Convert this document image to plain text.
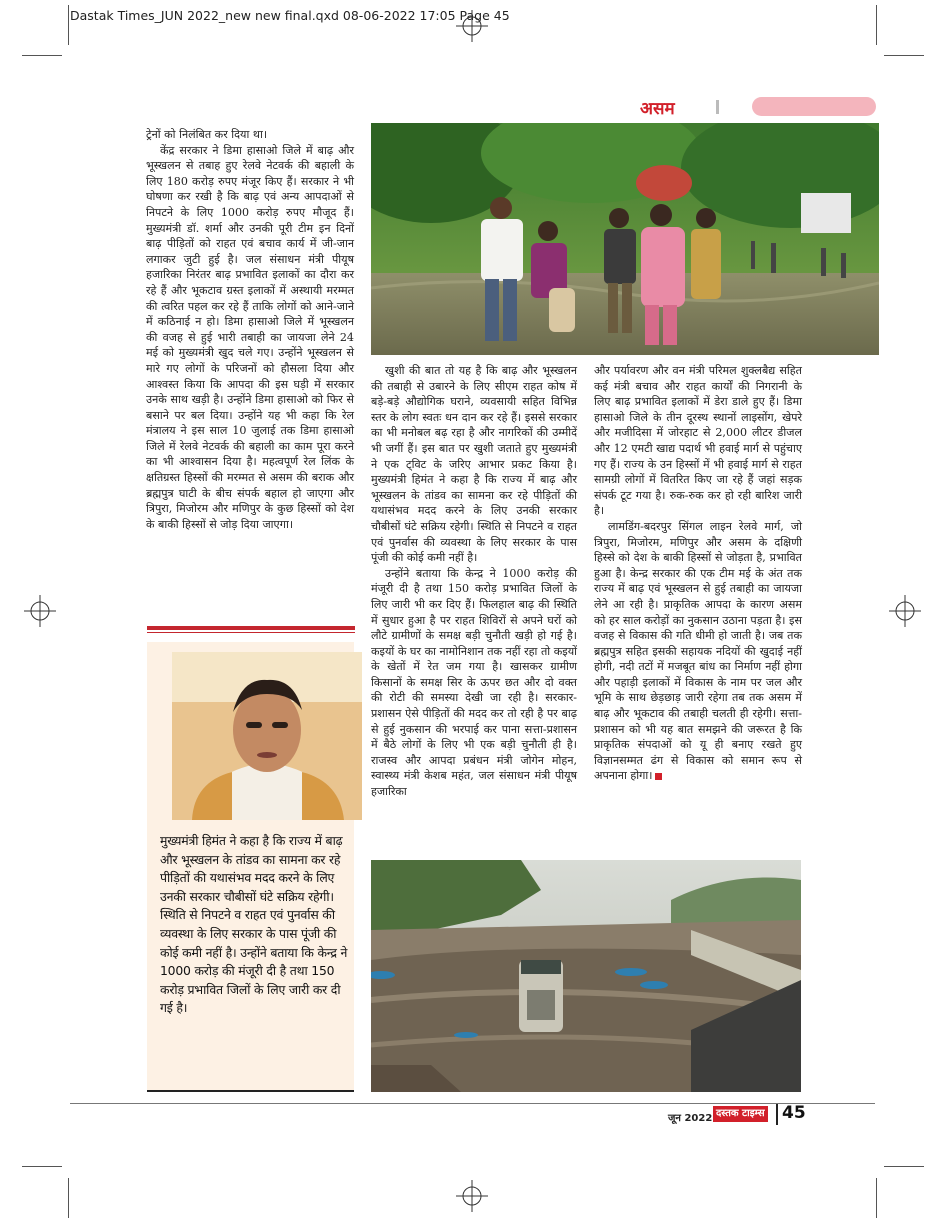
Dastak Times_JUN 2022_new new final.qxd 08-06-2022 17:05 Page 45
असम

ट्रेनों को निलंबित कर दिया था।

केंद्र सरकार ने डिमा हासाओ जिले में बाढ़ और भूस्खलन से तबाह हुए रेलवे नेटवर्क की बहाली के लिए 180 करोड़ रुपए मंजूर किए हैं। सरकार ने भी घोषणा कर रखी है कि बाढ़ एवं अन्य आपदाओं से निपटने के लिए 1000 करोड़ रुपए मौजूद हैं। मुख्यमंत्री डॉ. शर्मा और उनकी पूरी टीम इन दिनों बाढ़ पीड़ितों को राहत एवं बचाव कार्य में जी-जान लगाकर जुटी हुई है। जल संसाधन मंत्री पीयूष हजारिका निरंतर बाढ़ प्रभावित इलाकों का दौरा कर रहे हैं और भूकटाव ग्रस्त इलाकों में अस्थायी मरम्मत की त्वरित पहल कर रहे हैं ताकि लोगों को आने-जाने में कठिनाई न हो। डिमा हासाओ जिले में भूस्खलन की वजह से हुई भारी तबाही का जायजा लेने 24 मई को मुख्यमंत्री खुद चले गए। उन्होंने भूस्खलन से मारे गए लोगों के परिजनों को हौसला दिया और आश्वस्त किया कि आपदा की इस घड़ी में सरकार उनके साथ खड़ी है। उन्होंने डिमा हासाओ को फिर से बसाने पर बल दिया। उन्होंने यह भी कहा कि रेल मंत्रालय ने इस साल 10 जुलाई तक डिमा हासाओ जिले में रेलवे नेटवर्क की बहाली का काम पूरा करने का भी आश्वासन दिया है। महत्वपूर्ण रेल लिंक के क्षतिग्रस्त हिस्सों की मरम्मत से असम की बराक और ब्रह्मपुत्र घाटी के बीच संपर्क बहाल हो जाएगा और त्रिपुरा, मिजोरम और मणिपुर के कुछ हिस्सों को देश के बाकी हिस्सों से जोड़ दिया जाएगा।

खुशी की बात तो यह है कि बाढ़ और भूस्खलन की तबाही से उबारने के लिए सीएम राहत कोष में बड़े-बड़े औद्योगिक घराने, व्यवसायी सहित विभिन्न स्तर के लोग स्वतः धन दान कर रहे हैं। इससे सरकार का भी मनोबल बढ़ रहा है और नागरिकों की उम्मीदें भी जगीं हैं। इस बात पर खुशी जताते हुए मुख्यमंत्री ने एक ट्विट के जरिए आभार प्रकट किया है। मुख्यमंत्री हिमंत ने कहा है कि राज्य में बाढ़ और भूस्खलन के तांडव का सामना कर रहे पीड़ितों की यथासंभव मदद करने के लिए उनकी सरकार चौबीसों घंटे सक्रिय रहेगी। स्थिति से निपटने व राहत एवं पुनर्वास की व्यवस्था के लिए सरकार के पास पूंजी की कोई कमी नहीं है।

उन्होंने बताया कि केन्द्र ने 1000 करोड़ की मंजूरी दी है तथा 150 करोड़ प्रभावित जिलों के लिए जारी भी कर दिए हैं। फिलहाल बाढ़ की स्थिति में सुधार हुआ है पर राहत शिविरों से अपने घरों को लौटे ग्रामीणों के समक्ष बड़ी चुनौती खड़ी हो गई है। कइयों के घर का नामोनिशान तक नहीं रहा तो कइयों के खेतों में रेत जम गया है। खासकर ग्रामीण किसानों के समक्ष सिर के ऊपर छत और दो वक्त की रोटी की समस्या देखी जा रही है। सरकार-प्रशासन ऐसे पीड़ितों की मदद कर तो रही है पर बाढ़ से हुई नुकसान की भरपाई कर पाना सत्ता-प्रशासन में बैठे लोगों के लिए भी एक बड़ी चुनौती ही है। राजस्व और आपदा प्रबंधन मंत्री जोगेन मोहन, स्वास्थ्य मंत्री केशब महंत, जल संसाधन मंत्री पीयूष हजारिका

और पर्यावरण और वन मंत्री परिमल शुक्लबैद्य सहित कई मंत्री बचाव और राहत कार्यों की निगरानी के लिए बाढ़ प्रभावित इलाकों में डेरा डाले हुए हैं। डिमा हासाओ जिले के तीन दूरस्थ स्थानों लाइसोंग, खेपरे और मजीदिसा में जोरहाट से 2,000 लीटर डीजल और 12 एमटी खाद्य पदार्थ भी हवाई मार्ग से पहुंचाए गए हैं। राज्य के उन हिस्सों में भी हवाई मार्ग से राहत सामग्री लोगों में वितरित किए जा रहे हैं जहां सड़क संपर्क टूट गया है। रुक-रुक कर हो रही बारिश जारी है।

लामडिंग-बदरपुर सिंगल लाइन रेलवे मार्ग, जो त्रिपुरा, मिजोरम, मणिपुर और असम के दक्षिणी हिस्से को देश के बाकी हिस्सों से जोड़ता है, प्रभावित हुआ है। केन्द्र सरकार की एक टीम मई के अंत तक राज्य में बाढ़ एवं भूस्खलन से हुई तबाही का जायजा लेने आ रही है। प्राकृतिक आपदा के कारण असम को हर साल करोड़ों का नुकसान उठाना पड़ता है। इस वजह से विकास की गति धीमी हो जाती है। जब तक ब्रह्मपुत्र सहित इसकी सहायक नदियों की खुदाई नहीं होगी, नदी तटों में मजबूत बांध का निर्माण नहीं होगा और पहाड़ी इलाकों में विकास के नाम पर जल और भूमि के साथ छेड़छाड़ जारी रहेगा तब तक असम में बाढ़ और भूकटाव की तबाही चलती ही रहेगी। सत्ता-प्रशासन को भी यह बात समझने की जरूरत है कि प्राकृतिक संपदाओं को यू ही बनाए रखते हुए विज्ञानसम्मत ढंग से विकास को समान रूप से अपनाना होगा।

मुख्यमंत्री हिमंत ने कहा है कि राज्य में बाढ़ और भूस्खलन के तांडव का सामना कर रहे पीड़ितों की यथासंभव मदद करने के लिए उनकी सरकार चौबीसों घंटे सक्रिय रहेगी। स्थिति से निपटने व राहत एवं पुनर्वास की व्यवस्था के लिए सरकार के पास पूंजी की कोई कमी नहीं है। उन्होंने बताया कि केन्द्र ने 1000 करोड़ की मंजूरी दी है तथा 150 करोड़ प्रभावित जिलों के लिए जारी कर दी गई है।
जून 2022 दस्तक टाइम्स 45
